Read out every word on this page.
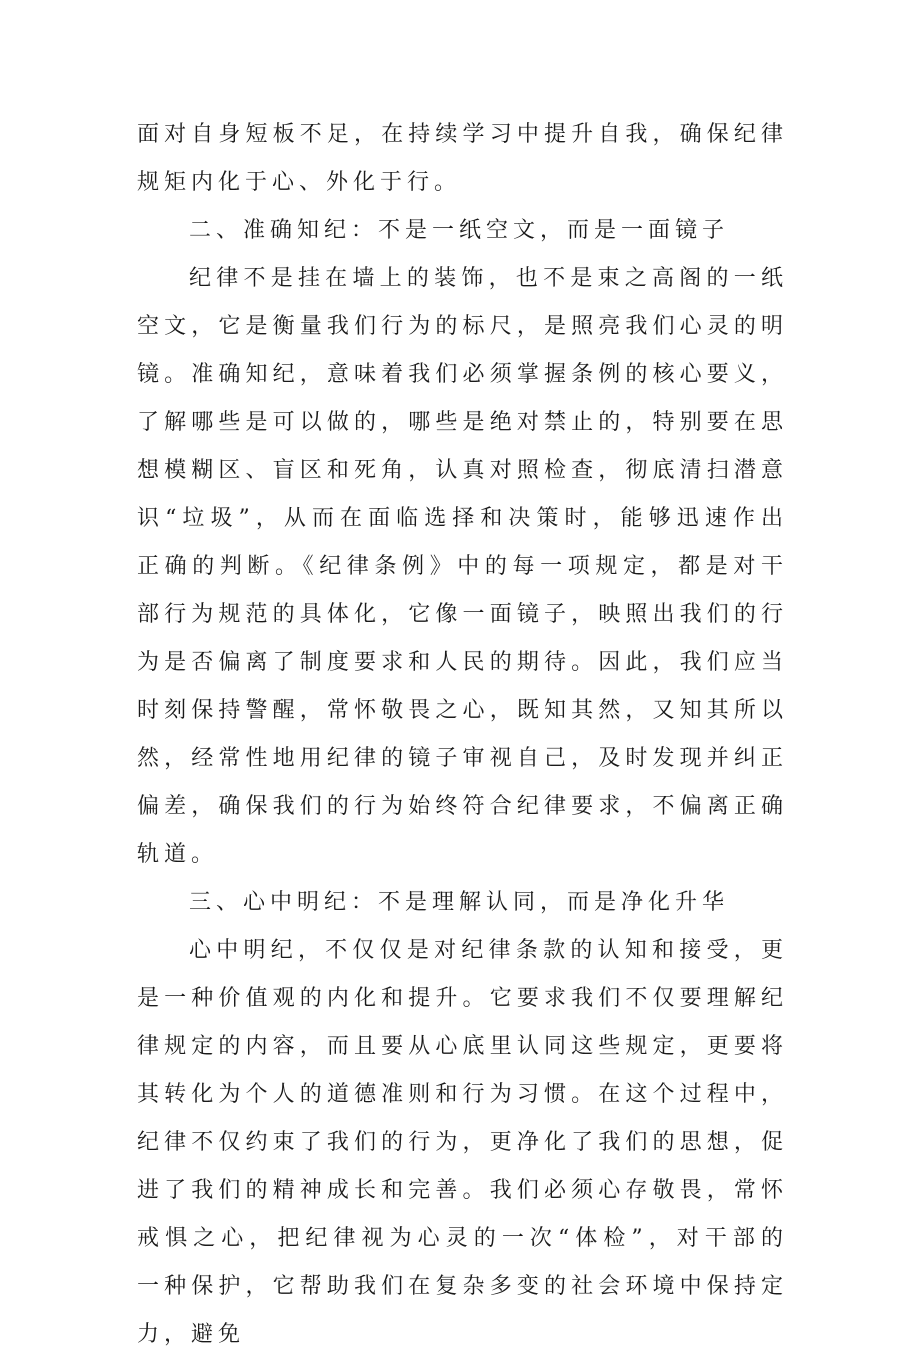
面对自身短板不足，在持续学习中提升自我，确保纪律规矩内化于心、外化于行。

二、准确知纪：不是一纸空文，而是一面镜子

纪律不是挂在墙上的装饰，也不是束之高阁的一纸空文，它是衡量我们行为的标尺，是照亮我们心灵的明镜。准确知纪，意味着我们必须掌握条例的核心要义，了解哪些是可以做的，哪些是绝对禁止的，特别要在思想模糊区、盲区和死角，认真对照检查，彻底清扫潜意识“垃圾”，从而在面临选择和决策时，能够迅速作出正确的判断。《纪律条例》中的每一项规定，都是对干部行为规范的具体化，它像一面镜子，映照出我们的行为是否偏离了制度要求和人民的期待。因此，我们应当时刻保持警醒，常怀敬畏之心，既知其然，又知其所以然，经常性地用纪律的镜子审视自己，及时发现并纠正偏差，确保我们的行为始终符合纪律要求，不偏离正确轨道。

三、心中明纪：不是理解认同，而是净化升华

心中明纪，不仅仅是对纪律条款的认知和接受，更是一种价值观的内化和提升。它要求我们不仅要理解纪律规定的内容，而且要从心底里认同这些规定，更要将其转化为个人的道德准则和行为习惯。在这个过程中，纪律不仅约束了我们的行为，更净化了我们的思想，促进了我们的精神成长和完善。我们必须心存敬畏，常怀戒惧之心，把纪律视为心灵的一次“体检”，对干部的一种保护，它帮助我们在复杂多变的社会环境中保持定力，避免
